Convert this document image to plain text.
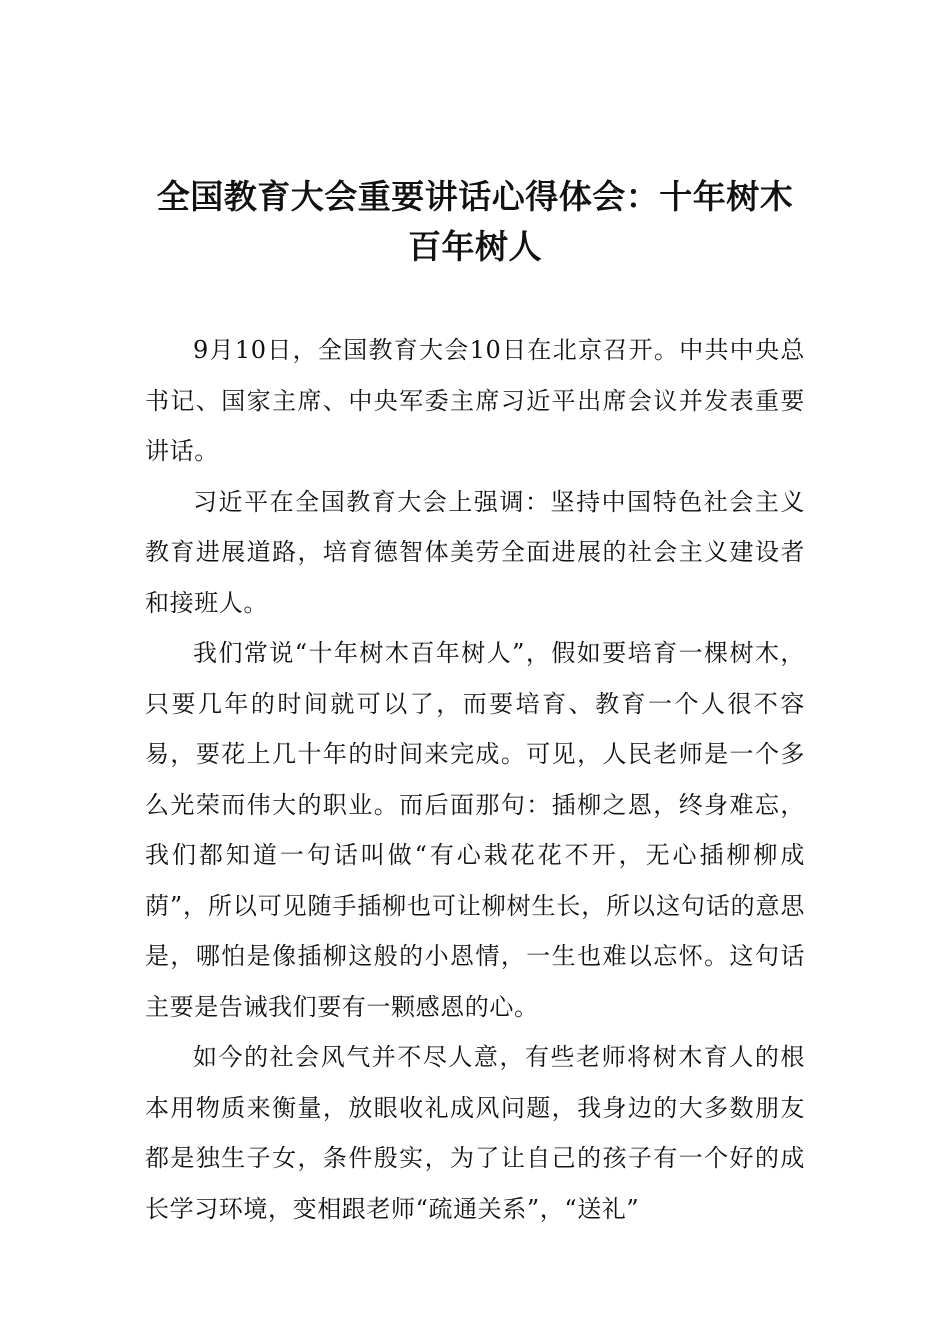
全国教育大会重要讲话心得体会：十年树木百年树人

9月10日，全国教育大会10日在北京召开。中共中央总书记、国家主席、中央军委主席习近平出席会议并发表重要讲话。

习近平在全国教育大会上强调：坚持中国特色社会主义教育进展道路，培育德智体美劳全面进展的社会主义建设者和接班人。

我们常说“十年树木百年树人”，假如要培育一棵树木，只要几年的时间就可以了，而要培育、教育一个人很不容易，要花上几十年的时间来完成。可见，人民老师是一个多么光荣而伟大的职业。而后面那句：插柳之恩，终身难忘，我们都知道一句话叫做“有心栽花花不开，无心插柳柳成荫”，所以可见随手插柳也可让柳树生长，所以这句话的意思是，哪怕是像插柳这般的小恩情，一生也难以忘怀。这句话主要是告诫我们要有一颗感恩的心。

如今的社会风气并不尽人意，有些老师将树木育人的根本用物质来衡量，放眼收礼成风问题，我身边的大多数朋友都是独生子女，条件殷实，为了让自己的孩子有一个好的成长学习环境，变相跟老师“疏通关系”，“送礼”
